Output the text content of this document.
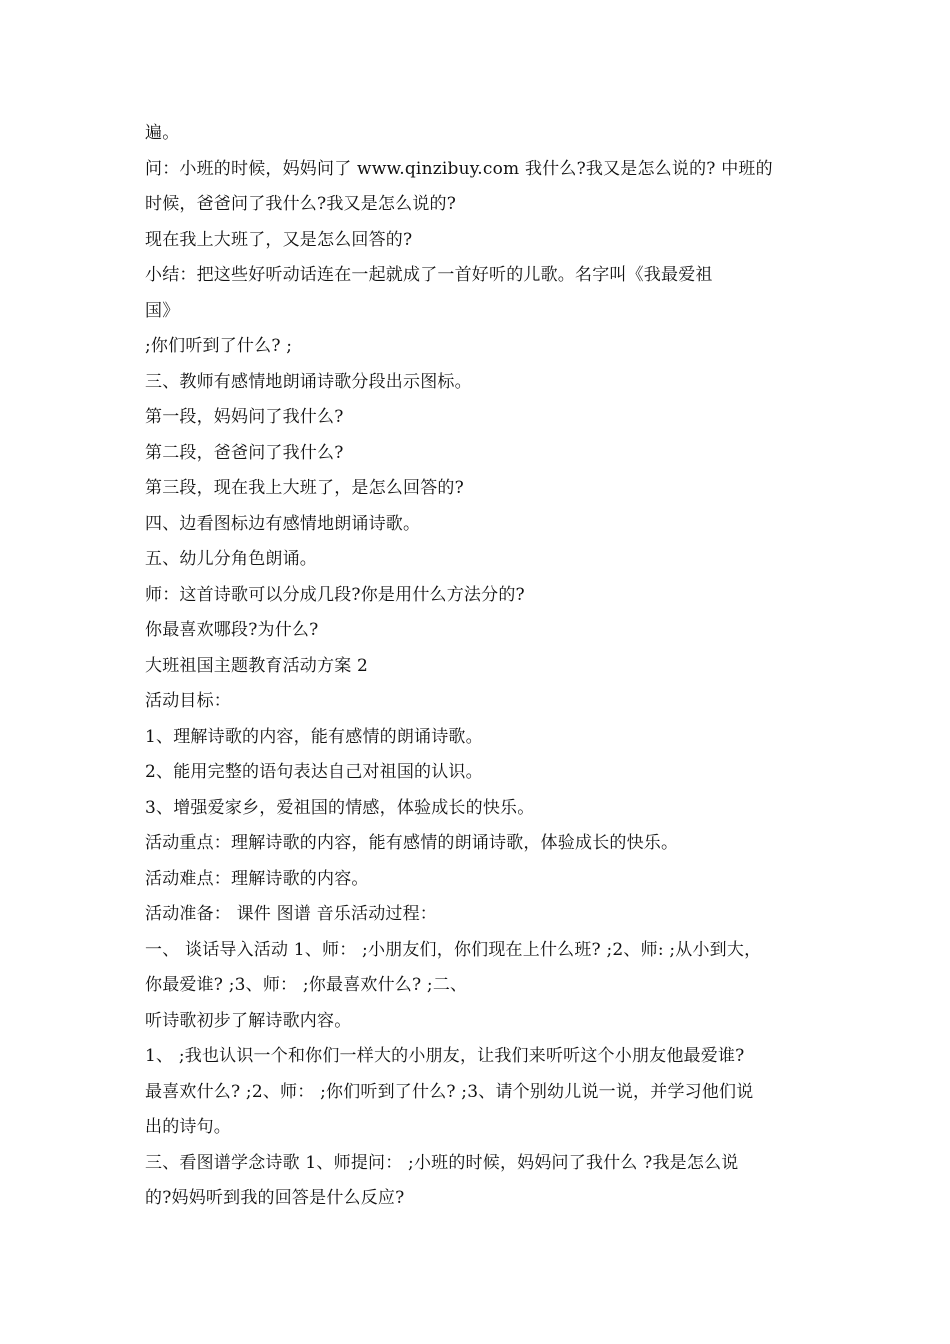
遍。
问：小班的时候，妈妈问了 www.qinzibuy.com 我什么?我又是怎么说的? 中班的
时候，爸爸问了我什么?我又是怎么说的?
现在我上大班了，又是怎么回答的?
小结：把这些好听动话连在一起就成了一首好听的儿歌。名字叫《我最爱祖
国》
;你们听到了什么? ;
三、教师有感情地朗诵诗歌分段出示图标。
第一段，妈妈问了我什么?
第二段，爸爸问了我什么?
第三段，现在我上大班了，是怎么回答的?
四、边看图标边有感情地朗诵诗歌。
五、幼儿分角色朗诵。
师：这首诗歌可以分成几段?你是用什么方法分的?
你最喜欢哪段?为什么?
大班祖国主题教育活动方案 2
活动目标：
1、理解诗歌的内容，能有感情的朗诵诗歌。
2、能用完整的语句表达自己对祖国的认识。
3、增强爱家乡，爱祖国的情感，体验成长的快乐。
活动重点：理解诗歌的内容，能有感情的朗诵诗歌，体验成长的快乐。
活动难点：理解诗歌的内容。
活动准备： 课件 图谱 音乐活动过程：
一、 谈话导入活动 1、师： ;小朋友们，你们现在上什么班? ;2、师: ;从小到大，
你最爱谁? ;3、师： ;你最喜欢什么? ;二、
听诗歌初步了解诗歌内容。
1、 ;我也认识一个和你们一样大的小朋友，让我们来听听这个小朋友他最爱谁?
最喜欢什么? ;2、师： ;你们听到了什么? ;3、请个别幼儿说一说，并学习他们说
出的诗句。
三、看图谱学念诗歌 1、师提问： ;小班的时候，妈妈问了我什么 ?我是怎么说
的?妈妈听到我的回答是什么反应?
